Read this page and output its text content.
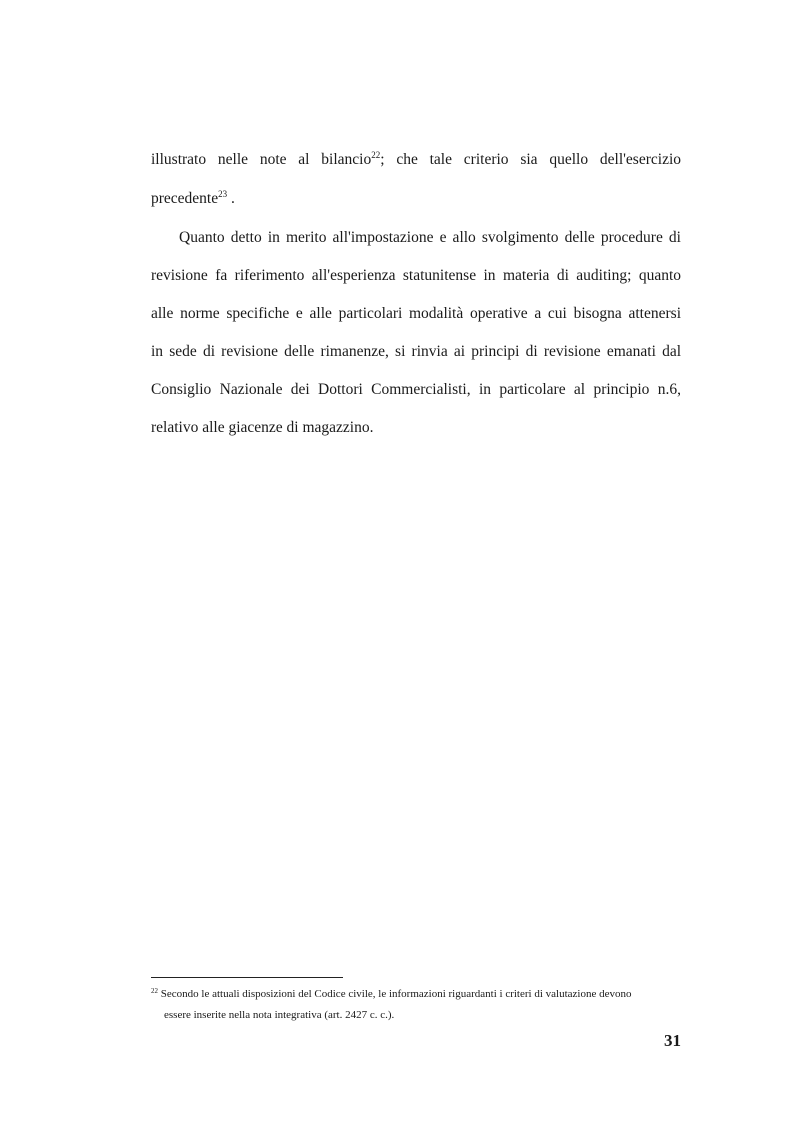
illustrato nelle note al bilancio$^{22}$; che tale criterio sia quello dell'esercizio
precedente$^{23}$ .
Quanto detto in merito all'impostazione e allo svolgimento delle procedure di
revisione fa riferimento all'esperienza statunitense in materia di auditing; quanto
alle norme specifiche e alle particolari modalità operative a cui bisogna attenersi
in sede di revisione delle rimanenze, si rinvia ai principi di revisione emanati dal
Consiglio Nazionale dei Dottori Commercialisti, in particolare al principio n.6,
relativo alle giacenze di magazzino.
$^{22}$ Secondo le attuali disposizioni del Codice civile, le informazioni riguardanti i criteri di valutazione devono
essere inserite nella nota integrativa (art. 2427 c. c.).
31
